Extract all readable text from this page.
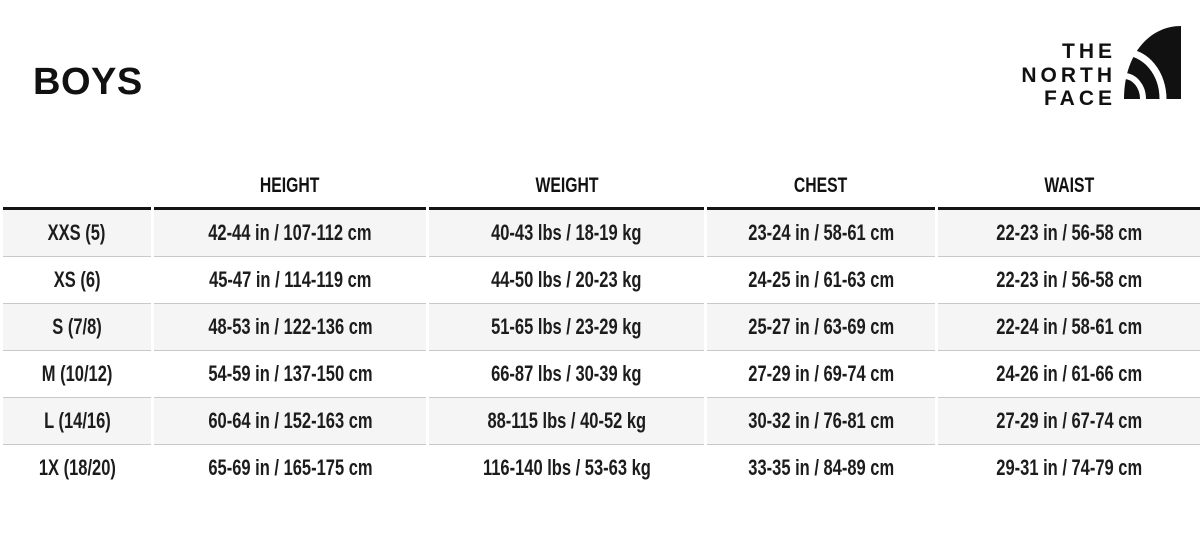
BOYS
THE
NORTH
FACE
	HEIGHT	WEIGHT	CHEST	WAIST
XXS (5)	42-44 in / 107-112 cm	40-43 lbs / 18-19 kg	23-24 in / 58-61 cm	22-23 in / 56-58 cm
XS (6)	45-47 in / 114-119 cm	44-50 lbs / 20-23 kg	24-25 in / 61-63 cm	22-23 in / 56-58 cm
S (7/8)	48-53 in / 122-136 cm	51-65 lbs / 23-29 kg	25-27 in / 63-69 cm	22-24 in / 58-61 cm
M (10/12)	54-59 in / 137-150 cm	66-87 lbs / 30-39 kg	27-29 in / 69-74 cm	24-26 in / 61-66 cm
L (14/16)	60-64 in / 152-163 cm	88-115 lbs / 40-52 kg	30-32 in / 76-81 cm	27-29 in / 67-74 cm
1X (18/20)	65-69 in / 165-175 cm	116-140 lbs / 53-63 kg	33-35 in / 84-89 cm	29-31 in / 74-79 cm
